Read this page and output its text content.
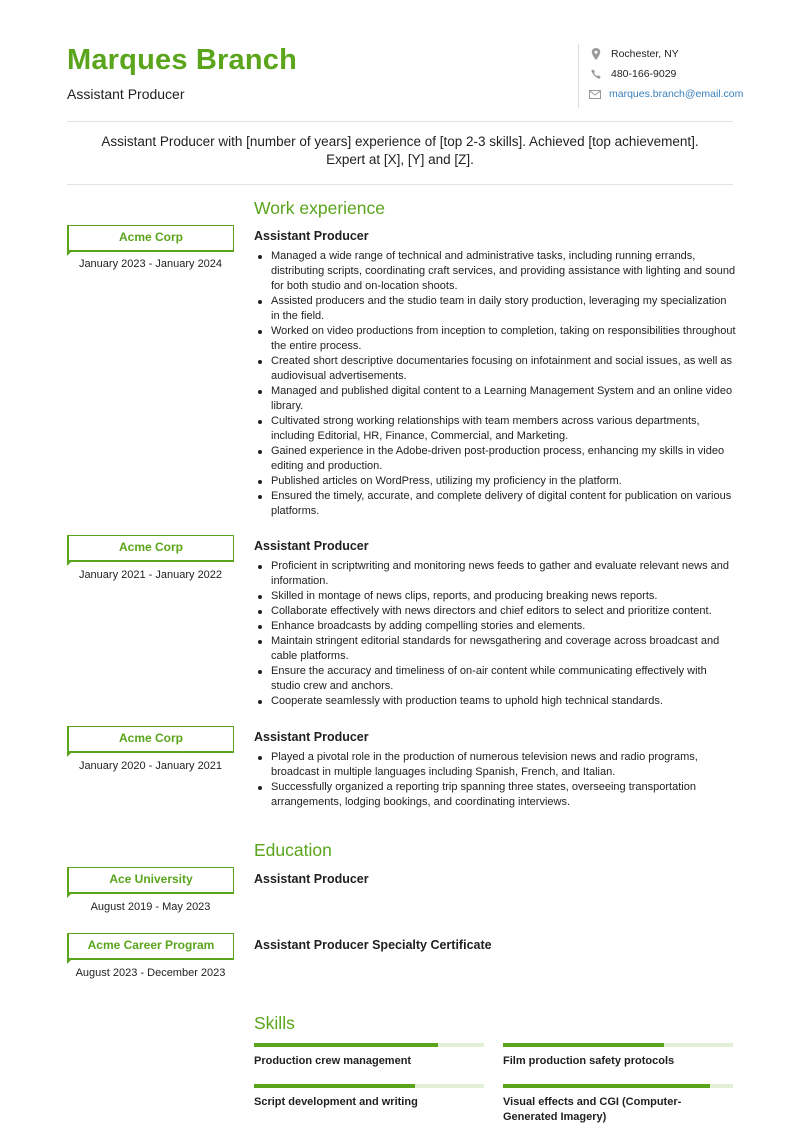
Marques Branch
Assistant Producer
Rochester, NY
480-166-9029
marques.branch@email.com
Assistant Producer with [number of years] experience of [top 2-3 skills]. Achieved [top achievement]. Expert at [X], [Y] and [Z].
Work experience
Acme Corp
January 2023 - January 2024
Assistant Producer
Managed a wide range of technical and administrative tasks, including running errands, distributing scripts, coordinating craft services, and providing assistance with lighting and sound for both studio and on-location shoots.
Assisted producers and the studio team in daily story production, leveraging my specialization in the field.
Worked on video productions from inception to completion, taking on responsibilities throughout the entire process.
Created short descriptive documentaries focusing on infotainment and social issues, as well as audiovisual advertisements.
Managed and published digital content to a Learning Management System and an online video library.
Cultivated strong working relationships with team members across various departments, including Editorial, HR, Finance, Commercial, and Marketing.
Gained experience in the Adobe-driven post-production process, enhancing my skills in video editing and production.
Published articles on WordPress, utilizing my proficiency in the platform.
Ensured the timely, accurate, and complete delivery of digital content for publication on various platforms.
Acme Corp
January 2021 - January 2022
Assistant Producer
Proficient in scriptwriting and monitoring news feeds to gather and evaluate relevant news and information.
Skilled in montage of news clips, reports, and producing breaking news reports.
Collaborate effectively with news directors and chief editors to select and prioritize content.
Enhance broadcasts by adding compelling stories and elements.
Maintain stringent editorial standards for newsgathering and coverage across broadcast and cable platforms.
Ensure the accuracy and timeliness of on-air content while communicating effectively with studio crew and anchors.
Cooperate seamlessly with production teams to uphold high technical standards.
Acme Corp
January 2020 - January 2021
Assistant Producer
Played a pivotal role in the production of numerous television news and radio programs, broadcast in multiple languages including Spanish, French, and Italian.
Successfully organized a reporting trip spanning three states, overseeing transportation arrangements, lodging bookings, and coordinating interviews.
Education
Ace University
August 2019 - May 2023
Assistant Producer
Acme Career Program
August 2023 - December 2023
Assistant Producer Specialty Certificate
Skills
Production crew management	Film production safety protocols
Script development and writing	Visual effects and CGI (Computer-Generated Imagery)
